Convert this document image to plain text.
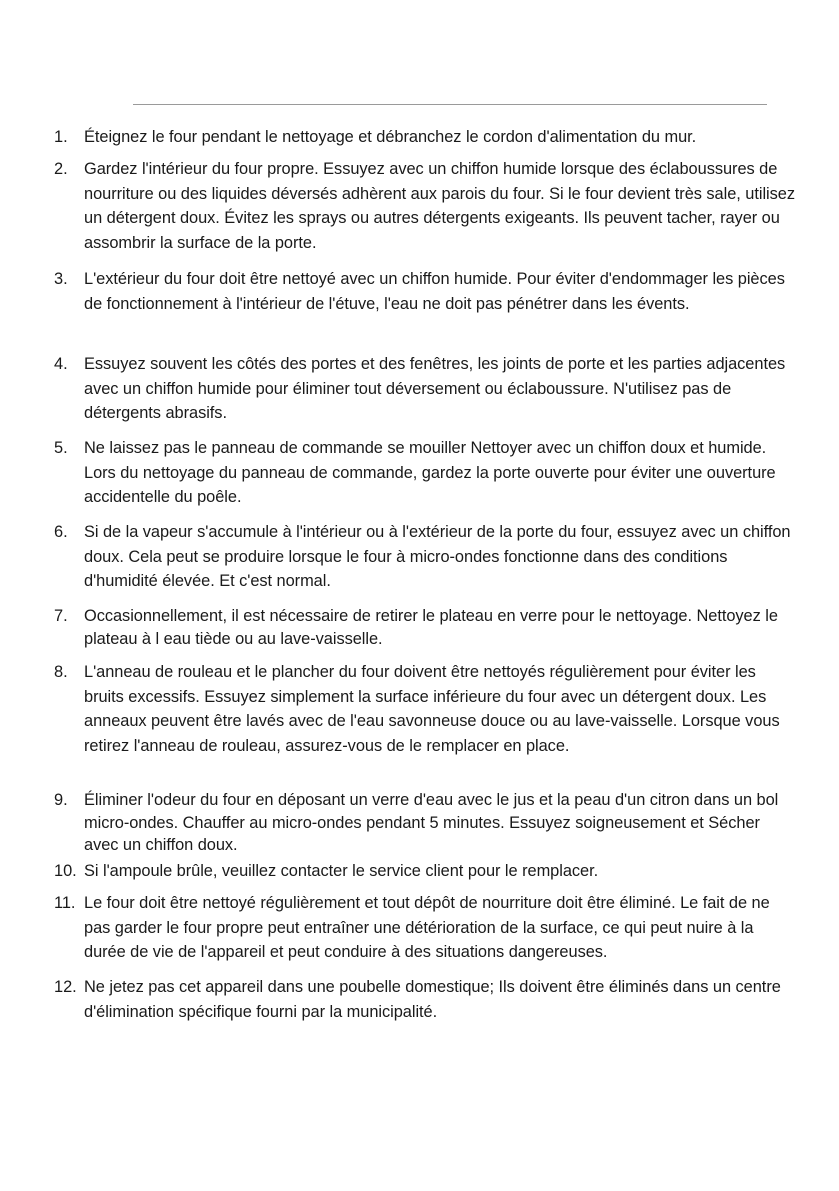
1.	Éteignez le four pendant le nettoyage et débranchez le cordon d'alimentation du mur.
2.	Gardez l'intérieur du four propre. Essuyez avec un chiffon humide lorsque des éclaboussures de nourriture ou des liquides déversés adhèrent aux parois du four. Si le four devient très sale, utilisez un détergent doux. Évitez les sprays ou autres détergents exigeants. Ils peuvent tacher, rayer ou assombrir la surface de la porte.
3.	L'extérieur du four doit être nettoyé avec un chiffon humide. Pour éviter d'endommager les pièces de fonctionnement à l'intérieur de l'étuve, l'eau ne doit pas pénétrer dans les évents.
4.	Essuyez souvent les côtés des portes et des fenêtres, les joints de porte et les parties adjacentes avec un chiffon humide pour éliminer tout déversement ou éclaboussure. N'utilisez pas de détergents abrasifs.
5.	Ne laissez pas le panneau de commande se mouiller Nettoyer avec un chiffon doux et humide. Lors du nettoyage du panneau de commande, gardez la porte ouverte pour éviter une ouverture accidentelle du poêle.
6.	Si de la vapeur s'accumule à l'intérieur ou à l'extérieur de la porte du four, essuyez avec un chiffon doux. Cela peut se produire lorsque le four à micro-ondes fonctionne dans des conditions d'humidité élevée. Et c'est normal.
7.	Occasionnellement, il est nécessaire de retirer le plateau en verre pour le nettoyage. Nettoyez le plateau à l eau tiède ou au lave-vaisselle.
8.	L'anneau de rouleau et le plancher du four doivent être nettoyés régulièrement pour éviter les bruits excessifs. Essuyez simplement la surface inférieure du four avec un détergent doux. Les anneaux peuvent être lavés avec de l'eau savonneuse douce ou au lave-vaisselle. Lorsque vous retirez l'anneau de rouleau, assurez-vous de le remplacer en place.
9.	Éliminer l'odeur du four en déposant un verre d'eau avec le jus et la peau d'un citron dans un bol micro-ondes. Chauffer au micro-ondes pendant 5 minutes. Essuyez soigneusement et Sécher avec un chiffon doux.
10. Si l'ampoule brûle, veuillez contacter le service client pour le remplacer.
11. Le four doit être nettoyé régulièrement et tout dépôt de nourriture doit être éliminé. Le fait de ne pas garder le four propre peut entraîner une détérioration de la surface, ce qui peut nuire à la durée de vie de l'appareil et peut conduire à des situations dangereuses.
12. Ne jetez pas cet appareil dans une poubelle domestique; Ils doivent être éliminés dans un centre d'élimination spécifique fourni par la municipalité.
